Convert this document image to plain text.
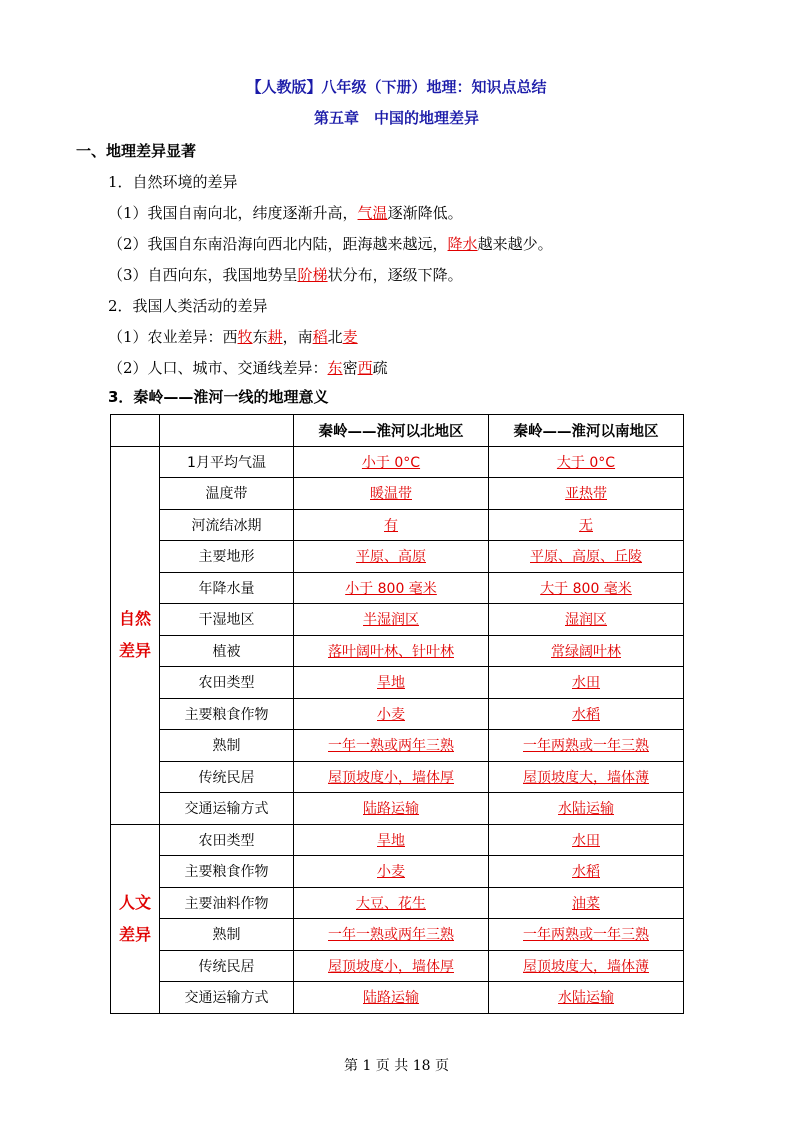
【人教版】八年级（下册）地理：知识点总结
第五章　中国的地理差异
一、地理差异显著
1．自然环境的差异
（1）我国自南向北，纬度逐渐升高，气温逐渐降低。
（2）我国自东南沿海向西北内陆，距海越来越远，降水越来越少。
（3）自西向东，我国地势呈阶梯状分布，逐级下降。
2．我国人类活动的差异
（1）农业差异：西牧东耕，南稻北麦
（2）人口、城市、交通线差异：东密西疏
3．秦岭——淮河一线的地理意义
		秦岭——淮河以北地区	秦岭——淮河以南地区

自然
差异	1月平均气温	小于 0°C	大于 0°C
	温度带	暖温带	亚热带
	河流结冰期	有	无
	主要地形	平原、高原	平原、高原、丘陵
	年降水量	小于 800 毫米	大于 800 毫米
	干湿地区	半湿润区	湿润区
	植被	落叶阔叶林、针叶林	常绿阔叶林
	农田类型	旱地	水田
	主要粮食作物	小麦	水稻
	熟制	一年一熟或两年三熟	一年两熟或一年三熟
	传统民居	屋顶坡度小，墙体厚	屋顶坡度大，墙体薄
	交通运输方式	陆路运输	水陆运输

人文
差异	农田类型	旱地	水田
	主要粮食作物	小麦	水稻
	主要油料作物	大豆、花生	油菜
	熟制	一年一熟或两年三熟	一年两熟或一年三熟
	传统民居	屋顶坡度小，墙体厚	屋顶坡度大，墙体薄
	交通运输方式	陆路运输	水陆运输
第 1 页 共 18 页
